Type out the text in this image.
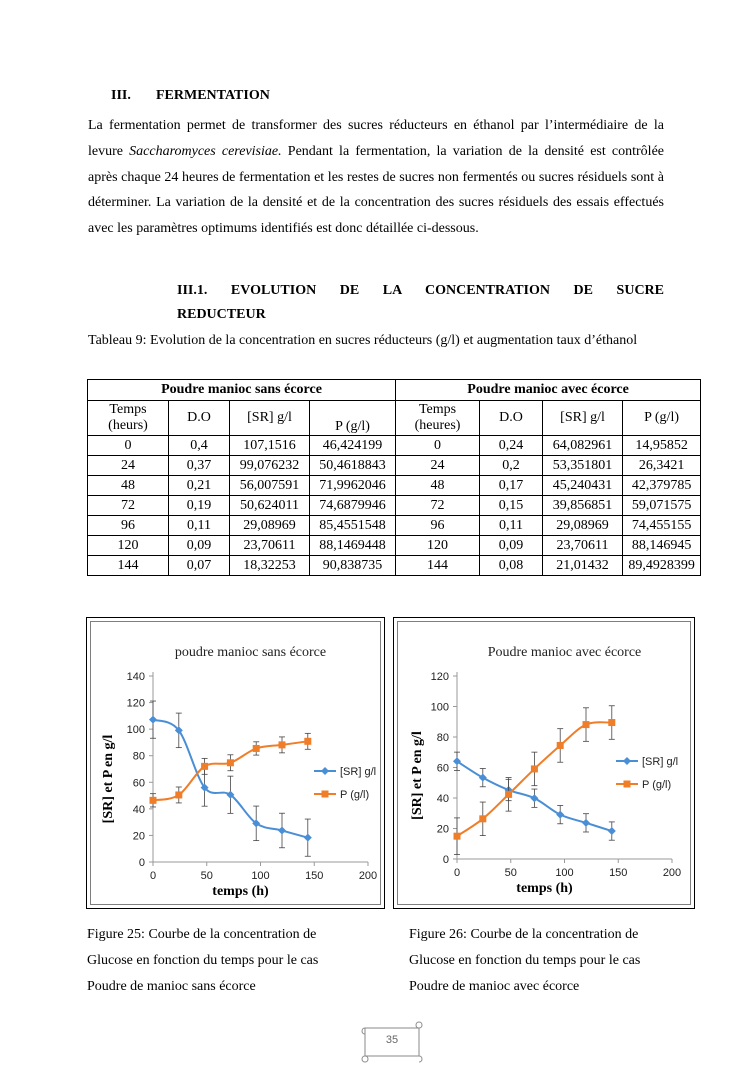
III. FERMENTATION
La fermentation permet de transformer des sucres réducteurs en éthanol par l’intermédiaire de la levure Saccharomyces cerevisiae. Pendant la fermentation, la variation de la densité est contrôlée après chaque 24 heures de fermentation et les restes de sucres non fermentés ou sucres résiduels sont à déterminer. La variation de la densité et de la concentration des sucres résiduels des essais effectués avec les paramètres optimums identifiés est donc détaillée ci-dessous.
III.1. EVOLUTION DE LA CONCENTRATION DE SUCRE
REDUCTEUR
Tableau 9: Evolution de la concentration en sucres réducteurs (g/l) et augmentation taux d’éthanol
Poudre manioc sans écorce				Poudre manioc avec écorce			
Temps (heurs)	D.O	[SR] g/l	P (g/l)	Temps (heures)	D.O	[SR] g/l	P (g/l)
0	0,4	107,1516	46,424199	0	0,24	64,082961	14,95852
24	0,37	99,076232	50,4618843	24	0,2	53,351801	26,3421
48	0,21	56,007591	71,9962046	48	0,17	45,240431	42,379785
72	0,19	50,624011	74,6879946	72	0,15	39,856851	59,071575
96	0,11	29,08969	85,4551548	96	0,11	29,08969	74,455155
120	0,09	23,70611	88,1469448	120	0,09	23,70611	88,146945
144	0,07	18,32253	90,838735	144	0,08	21,01432	89,4928399
poudre manioc sans écorce
0
20
40
60
80
100
120
140
0	50	100	150	200
temps (h)
[SR] et P en g/l	[SR] g/l
P (g/l)
Poudre manioc avec écorce
0
20
40
60
80
100
120
0	50	100	150	200
temps (h)
[SR] et P en g/l	[SR] g/l
P (g/l)
Figure 25: Courbe de la concentration de Glucose en fonction du temps pour le cas Poudre de manioc sans écorce
Figure 26: Courbe de la concentration de Glucose en fonction du temps pour le cas Poudre de manioc avec écorce
35
